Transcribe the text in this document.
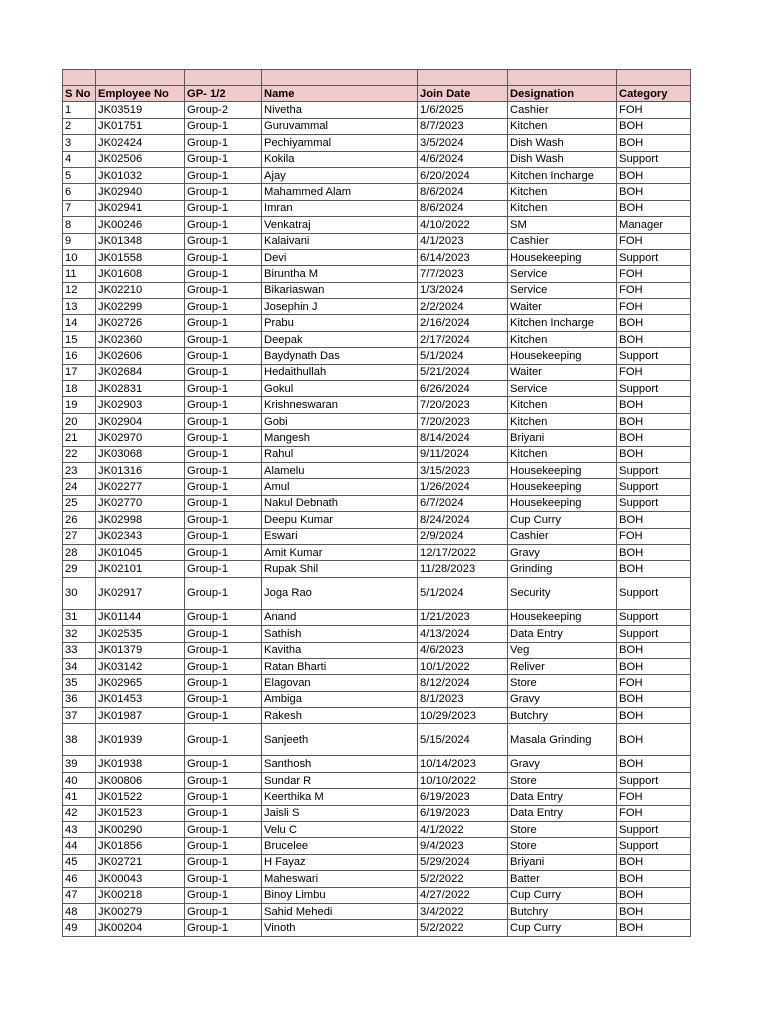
S No	Employee No	GP- 1/2	Name	Join Date	Designation	Category
1	JK03519	Group-2	Nivetha	1/6/2025	Cashier	FOH
2	JK01751	Group-1	Guruvammal	8/7/2023	Kitchen	BOH
3	JK02424	Group-1	Pechiyammal	3/5/2024	Dish Wash	BOH
4	JK02506	Group-1	Kokila	4/6/2024	Dish Wash	Support
5	JK01032	Group-1	Ajay	6/20/2024	Kitchen Incharge	BOH
6	JK02940	Group-1	Mahammed Alam	8/6/2024	Kitchen	BOH
7	JK02941	Group-1	Imran	8/6/2024	Kitchen	BOH
8	JK00246	Group-1	Venkatraj	4/10/2022	SM	Manager
9	JK01348	Group-1	Kalaivani	4/1/2023	Cashier	FOH
10	JK01558	Group-1	Devi	6/14/2023	Housekeeping	Support
11	JK01608	Group-1	Biruntha M	7/7/2023	Service	FOH
12	JK02210	Group-1	Bikariaswan	1/3/2024	Service	FOH
13	JK02299	Group-1	Josephin J	2/2/2024	Waiter	FOH
14	JK02726	Group-1	Prabu	2/16/2024	Kitchen Incharge	BOH
15	JK02360	Group-1	Deepak	2/17/2024	Kitchen	BOH
16	JK02606	Group-1	Baydynath Das	5/1/2024	Housekeeping	Support
17	JK02684	Group-1	Hedaithullah	5/21/2024	Waiter	FOH
18	JK02831	Group-1	Gokul	6/26/2024	Service	Support
19	JK02903	Group-1	Krishneswaran	7/20/2023	Kitchen	BOH
20	JK02904	Group-1	Gobi	7/20/2023	Kitchen	BOH
21	JK02970	Group-1	Mangesh	8/14/2024	Briyani	BOH
22	JK03068	Group-1	Rahul	9/11/2024	Kitchen	BOH
23	JK01316	Group-1	Alamelu	3/15/2023	Housekeeping	Support
24	JK02277	Group-1	Amul	1/26/2024	Housekeeping	Support
25	JK02770	Group-1	Nakul Debnath	6/7/2024	Housekeeping	Support
26	JK02998	Group-1	Deepu Kumar	8/24/2024	Cup Curry	BOH
27	JK02343	Group-1	Eswari	2/9/2024	Cashier	FOH
28	JK01045	Group-1	Amit Kumar	12/17/2022	Gravy	BOH
29	JK02101	Group-1	Rupak Shil	11/28/2023	Grinding	BOH
30	JK02917	Group-1	Joga Rao	5/1/2024	Security	Support
31	JK01144	Group-1	Anand	1/21/2023	Housekeeping	Support
32	JK02535	Group-1	Sathish	4/13/2024	Data Entry	Support
33	JK01379	Group-1	Kavitha	4/6/2023	Veg	BOH
34	JK03142	Group-1	Ratan Bharti	10/1/2022	Reliver	BOH
35	JK02965	Group-1	Elagovan	8/12/2024	Store	FOH
36	JK01453	Group-1	Ambiga	8/1/2023	Gravy	BOH
37	JK01987	Group-1	Rakesh	10/29/2023	Butchry	BOH
38	JK01939	Group-1	Sanjeeth	5/15/2024	Masala Grinding	BOH
39	JK01938	Group-1	Santhosh	10/14/2023	Gravy	BOH
40	JK00806	Group-1	Sundar R	10/10/2022	Store	Support
41	JK01522	Group-1	Keerthika M	6/19/2023	Data Entry	FOH
42	JK01523	Group-1	Jaisli S	6/19/2023	Data Entry	FOH
43	JK00290	Group-1	Velu C	4/1/2022	Store	Support
44	JK01856	Group-1	Brucelee	9/4/2023	Store	Support
45	JK02721	Group-1	H Fayaz	5/29/2024	Briyani	BOH
46	JK00043	Group-1	Maheswari	5/2/2022	Batter	BOH
47	JK00218	Group-1	Binoy Limbu	4/27/2022	Cup Curry	BOH
48	JK00279	Group-1	Sahid Mehedi	3/4/2022	Butchry	BOH
49	JK00204	Group-1	Vinoth	5/2/2022	Cup Curry	BOH
